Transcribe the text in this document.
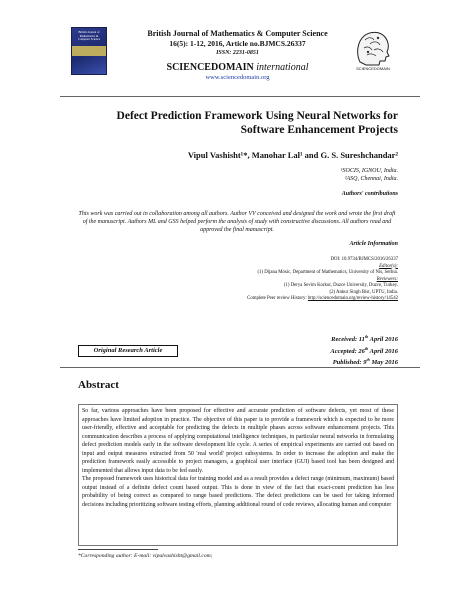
British Journal of Mathematics & Computer Science
British Journal of Mathematics & Computer Science
16(5): 1-12, 2016, Article no.BJMCS.26337
ISSN: 2231-0851
SCIENCEDOMAIN international
www.sciencedomain.org
SCIENCEDOMAIN
Defect Prediction Framework Using Neural Networks for
Software Enhancement Projects
Vipul Vashisht¹*, Manohar Lal¹ and G. S. Sureshchandar²
¹SOCIS, IGNOU, India.
²ASQ, Chennai, India.
Authors' contributions
This work was carried out in collaboration among all authors. Author VV conceived and designed the work and wrote the first draft of the manuscript. Authors ML and GSS helped perform the analysis of study with constructive discussions. All authors read and approved the final manuscript.
Article Information
DOI: 10.9734/BJMCS/2016/26337
Editor(s):
(1) Dijana Mosic, Department of Mathematics, University of Nis, Serbia.
Reviewers:
(1) Derya Sevim Korkut, Duzce University, Duzce, Turkey.
(2) Ankur Singh Bist, UPTU, India.
Complete Peer review History: http://sciencedomain.org/review-history/14542
Received: 11th April 2016
Accepted: 26th April 2016
Published: 9th May 2016
Original Research Article
Abstract

So far, various approaches have been proposed for effective and accurate prediction of software defects, yet most of these approaches have limited adoption in practice. The objective of this paper is to provide a framework which is expected to be more user-friendly, effective and acceptable for predicting the defects in multiple phases across software enhancement projects. This communication describes a process of applying computational intelligence techniques, in particular neural networks in formulating defect prediction models early in the software development life cycle. A series of empirical experiments are carried out based on input and output measures extracted from 50 'real world' project subsystems. In order to increase the adoption and make the prediction framework easily accessible to project managers, a graphical user interface (GUI) based tool has been designed and implemented that allows input data to be fed easily.

The proposed framework uses historical data for training model and as a result provides a defect range (minimum, maximum) based output instead of a definite defect count based output. This is done in view of the fact that exact-count prediction has less probability of being correct as compared to range based predictions. The defect predictions can be used for taking informed decisions including prioritizing software testing efforts, planning additional round of code reviews, allocating human and computer

*Corresponding author: E-mail: vipulvashisht@gmail.com;
